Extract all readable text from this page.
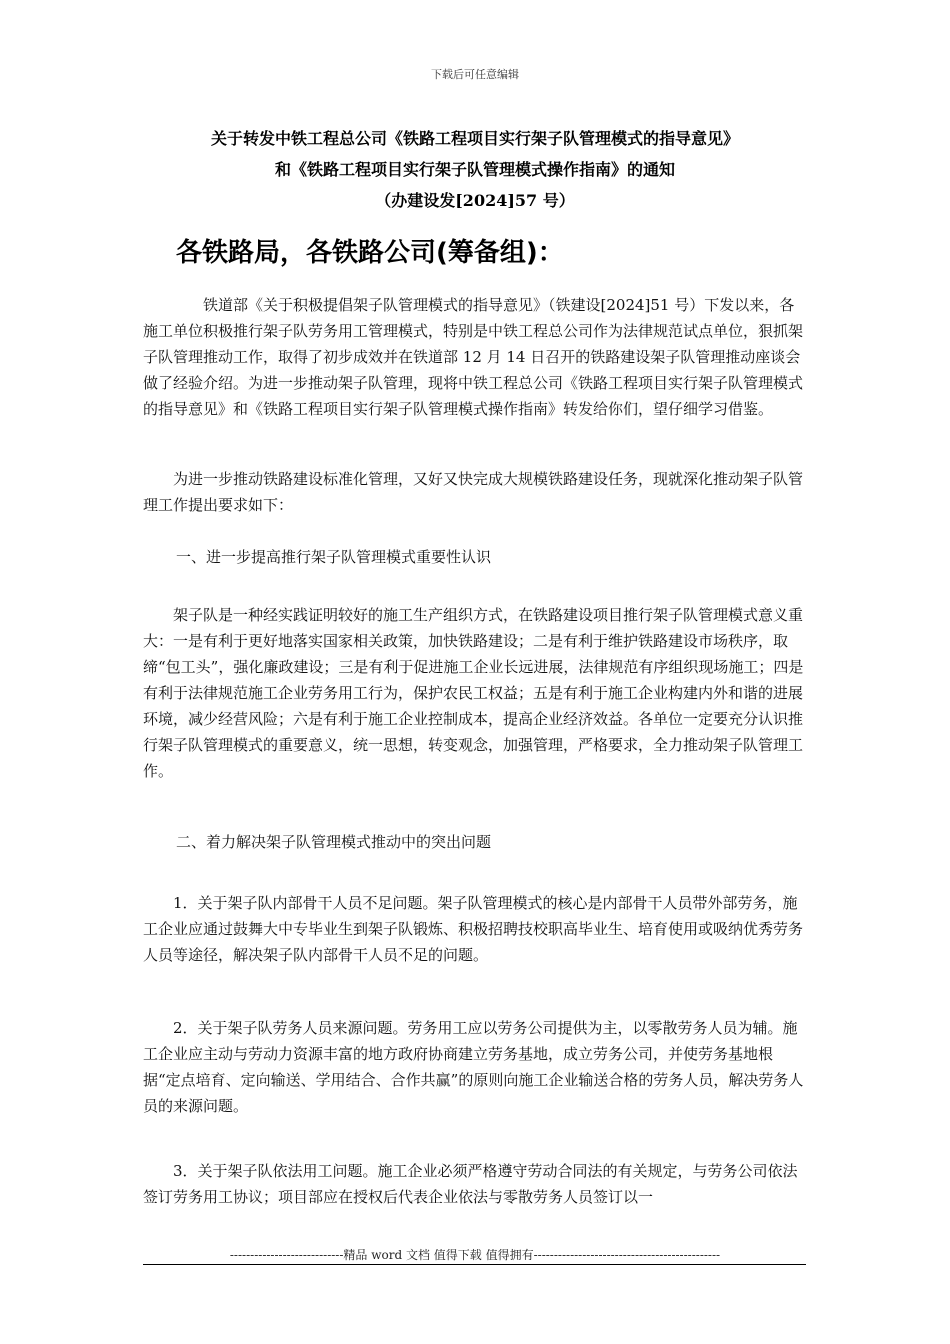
下载后可任意编辑
关于转发中铁工程总公司《铁路工程项目实行架子队管理模式的指导意见》
和《铁路工程项目实行架子队管理模式操作指南》的通知
（办建设发[2024]57 号）
各铁路局，各铁路公司(筹备组)：
铁道部《关于积极提倡架子队管理模式的指导意见》（铁建设[2024]51 号）下发以来，各施工单位积极推行架子队劳务用工管理模式，特别是中铁工程总公司作为法律规范试点单位，狠抓架子队管理推动工作，取得了初步成效并在铁道部 12 月 14 日召开的铁路建设架子队管理推动座谈会做了经验介绍。为进一步推动架子队管理，现将中铁工程总公司《铁路工程项目实行架子队管理模式的指导意见》和《铁路工程项目实行架子队管理模式操作指南》转发给你们，望仔细学习借鉴。
为进一步推动铁路建设标准化管理，又好又快完成大规模铁路建设任务，现就深化推动架子队管理工作提出要求如下：
一、进一步提高推行架子队管理模式重要性认识
架子队是一种经实践证明较好的施工生产组织方式，在铁路建设项目推行架子队管理模式意义重大：一是有利于更好地落实国家相关政策，加快铁路建设；二是有利于维护铁路建设市场秩序，取缔“包工头”，强化廉政建设；三是有利于促进施工企业长远进展，法律规范有序组织现场施工；四是有利于法律规范施工企业劳务用工行为，保护农民工权益；五是有利于施工企业构建内外和谐的进展环境，减少经营风险；六是有利于施工企业控制成本，提高企业经济效益。各单位一定要充分认识推行架子队管理模式的重要意义，统一思想，转变观念，加强管理，严格要求，全力推动架子队管理工作。
二、着力解决架子队管理模式推动中的突出问题
1．关于架子队内部骨干人员不足问题。架子队管理模式的核心是内部骨干人员带外部劳务，施工企业应通过鼓舞大中专毕业生到架子队锻炼、积极招聘技校职高毕业生、培育使用或吸纳优秀劳务人员等途径，解决架子队内部骨干人员不足的问题。
2．关于架子队劳务人员来源问题。劳务用工应以劳务公司提供为主，以零散劳务人员为辅。施工企业应主动与劳动力资源丰富的地方政府协商建立劳务基地，成立劳务公司，并使劳务基地根据“定点培育、定向输送、学用结合、合作共赢”的原则向施工企业输送合格的劳务人员，解决劳务人员的来源问题。
3．关于架子队依法用工问题。施工企业必须严格遵守劳动合同法的有关规定，与劳务公司依法签订劳务用工协议；项目部应在授权后代表企业依法与零散劳务人员签订以一
----------------------------精品 word 文档 值得下载 值得拥有----------------------------------------------
